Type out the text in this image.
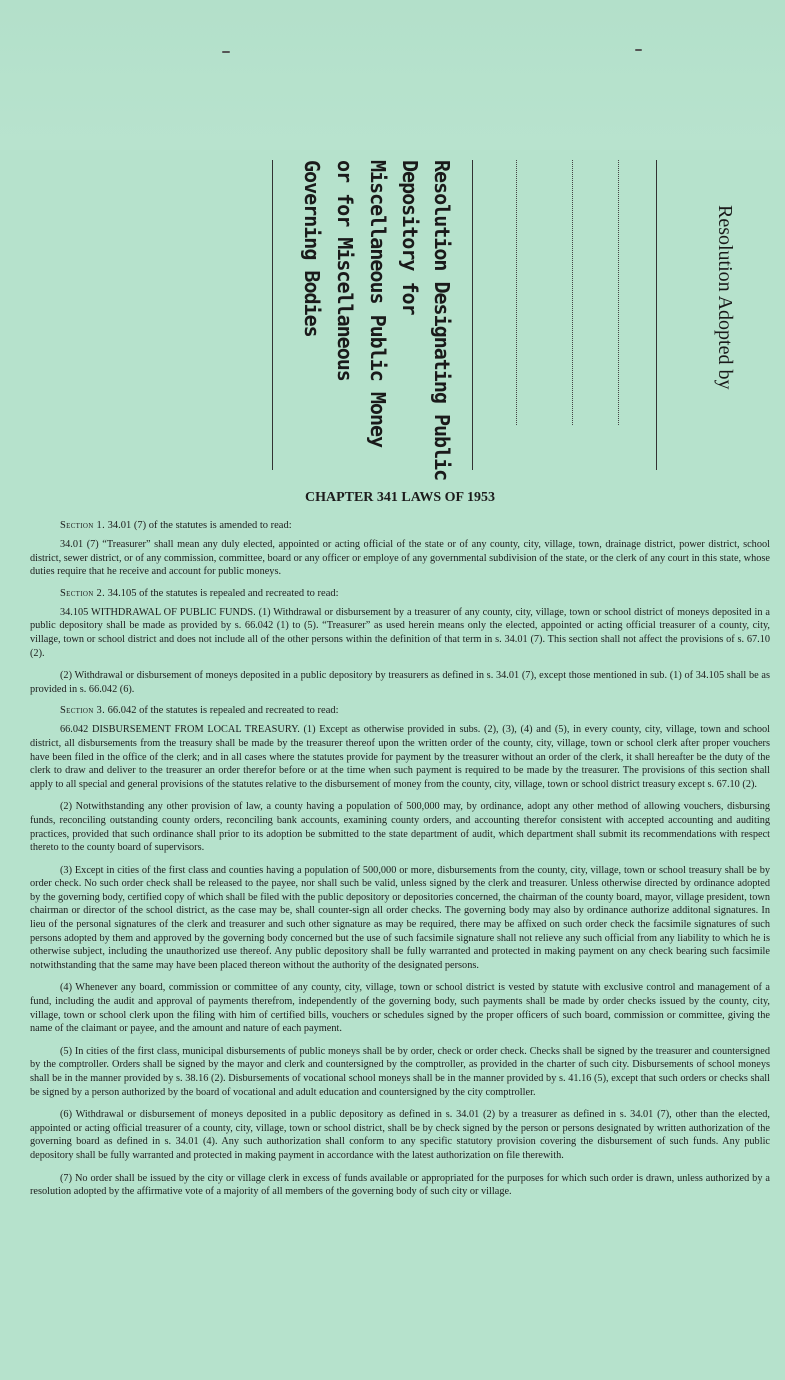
Resolution Designating Public
Depository for
Miscellaneous Public Money
or for Miscellaneous
Governing Bodies	Resolution Adopted by
CHAPTER 341 LAWS OF 1953
Section 1. 34.01 (7) of the statutes is amended to read:

34.01 (7) “Treasurer” shall mean any duly elected, appointed or acting official of the state or of any county, city, village, town, drainage district, power district, school district, sewer district, or of any commission, committee, board or any officer or employe of any governmental subdivision of the state, or the clerk of any court in this state, whose duties require that he receive and account for public moneys.

Section 2. 34.105 of the statutes is repealed and recreated to read:

34.105 WITHDRAWAL OF PUBLIC FUNDS. (1) Withdrawal or disbursement by a treasurer of any county, city, village, town or school district of moneys deposited in a public depository shall be made as provided by s. 66.042 (1) to (5). “Treasurer” as used herein means only the elected, appointed or acting official treasurer of a county, city, village, town or school district and does not include all of the other persons within the definition of that term in s. 34.01 (7). This section shall not affect the provisions of s. 67.10 (2).

(2) Withdrawal or disbursement of moneys deposited in a public depository by treasurers as defined in s. 34.01 (7), except those mentioned in sub. (1) of 34.105 shall be as provided in s. 66.042 (6).

Section 3. 66.042 of the statutes is repealed and recreated to read:

66.042 DISBURSEMENT FROM LOCAL TREASURY. (1) Except as otherwise provided in subs. (2), (3), (4) and (5), in every county, city, village, town and school district, all disbursements from the treasury shall be made by the treasurer thereof upon the written order of the county, city, village, town or school clerk after proper vouchers have been filed in the office of the clerk; and in all cases where the statutes provide for payment by the treasurer without an order of the clerk, it shall hereafter be the duty of the clerk to draw and deliver to the treasurer an order therefor before or at the time when such payment is required to be made by the treasurer. The provisions of this section shall apply to all special and general provisions of the statutes relative to the disbursement of money from the county, city, village, town or school district treasury except s. 67.10 (2).

(2) Notwithstanding any other provision of law, a county having a population of 500,000 may, by ordinance, adopt any other method of allowing vouchers, disbursing funds, reconciling outstanding county orders, reconciling bank accounts, examining county orders, and accounting therefor consistent with accepted accounting and auditing practices, provided that such ordinance shall prior to its adoption be submitted to the state department of audit, which department shall submit its recommendations with respect thereto to the county board of supervisors.

(3) Except in cities of the first class and counties having a population of 500,000 or more, disbursements from the county, city, village, town or school treasury shall be by order check. No such order check shall be released to the payee, nor shall such be valid, unless signed by the clerk and treasurer. Unless otherwise directed by ordinance adopted by the governing body, certified copy of which shall be filed with the public depository or depositories concerned, the chairman of the county board, mayor, village president, town chairman or director of the school district, as the case may be, shall counter-sign all order checks. The governing body may also by ordinance authorize additonal signatures. In lieu of the personal signatures of the clerk and treasurer and such other signature as may be required, there may be affixed on such order check the facsimile signatures of such persons adopted by them and approved by the governing body concerned but the use of such facsimile signature shall not relieve any such official from any liability to which he is otherwise subject, including the unauthorized use thereof. Any public depository shall be fully warranted and protected in making payment on any check bearing such facsimile notwithstanding that the same may have been placed thereon without the authority of the designated persons.

(4) Whenever any board, commission or committee of any county, city, village, town or school district is vested by statute with exclusive control and management of a fund, including the audit and approval of payments therefrom, independently of the governing body, such payments shall be made by order checks issued by the county, city, village, town or school clerk upon the filing with him of certified bills, vouchers or schedules signed by the proper officers of such board, commission or committee, giving the name of the claimant or payee, and the amount and nature of each payment.

(5) In cities of the first class, municipal disbursements of public moneys shall be by order, check or order check. Checks shall be signed by the treasurer and countersigned by the comptroller. Orders shall be signed by the mayor and clerk and countersigned by the comptroller, as provided in the charter of such city. Disbursements of school moneys shall be in the manner provided by s. 38.16 (2). Disbursements of vocational school moneys shall be in the manner provided by s. 41.16 (5), except that such orders or checks shall be signed by a person authorized by the board of vocational and adult education and countersigned by the city comptroller.

(6) Withdrawal or disbursement of moneys deposited in a public depository as defined in s. 34.01 (2) by a treasurer as defined in s. 34.01 (7), other than the elected, appointed or acting official treasurer of a county, city, village, town or school district, shall be by check signed by the person or persons designated by written authorization of the governing board as defined in s. 34.01 (4). Any such authorization shall conform to any specific statutory provision covering the disbursement of such funds. Any public depository shall be fully warranted and protected in making payment in accordance with the latest authorization on file therewith.

(7) No order shall be issued by the city or village clerk in excess of funds available or appropriated for the purposes for which such order is drawn, unless authorized by a resolution adopted by the affirmative vote of a majority of all members of the governing body of such city or village.
